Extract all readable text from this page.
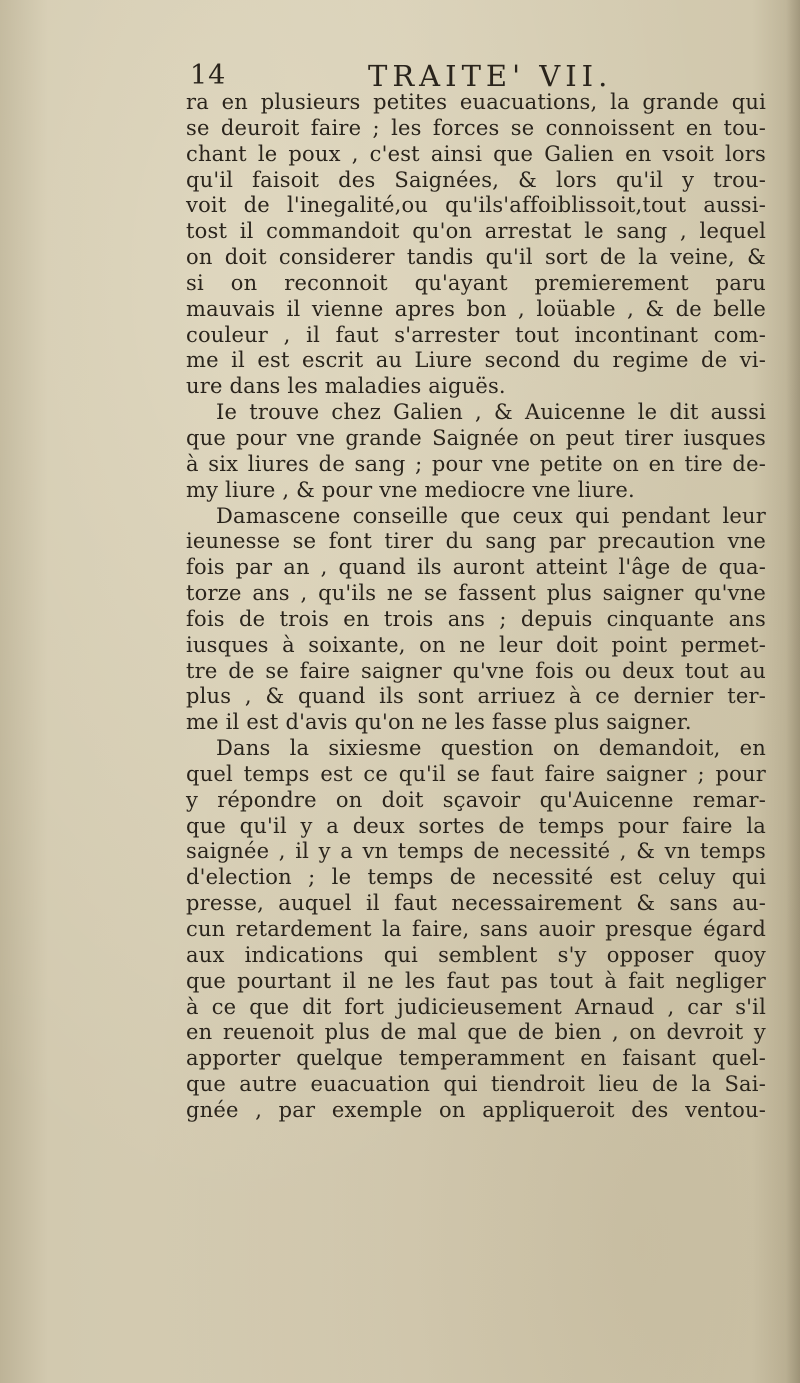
14	TRAITE' VII.
ra en plusieurs petites euacuations, la grande qui
se deuroit faire ; les forces se connoissent en tou-
chant le poux , c'est ainsi que Galien en vsoit lors
qu'il faisoit des Saignées, & lors qu'il y trou-
voit de l'inegalité,ou qu'ils'affoiblissoit,tout aussi-
tost il commandoit qu'on arrestat le sang , lequel
on doit considerer tandis qu'il sort de la veine, &
si on reconnoit qu'ayant premierement paru
mauvais il vienne apres bon , loüable , & de belle
couleur , il faut s'arrester tout incontinant com-
me il est escrit au Liure second du regime de vi-
ure dans les maladies aiguës.
Ie trouve chez Galien , & Auicenne le dit aussi
que pour vne grande Saignée on peut tirer iusques
à six liures de sang ; pour vne petite on en tire de-
my liure , & pour vne mediocre vne liure.
Damascene conseille que ceux qui pendant leur
ieunesse se font tirer du sang par precaution vne
fois par an , quand ils auront atteint l'âge de qua-
torze ans , qu'ils ne se fassent plus saigner qu'vne
fois de trois en trois ans ; depuis cinquante ans
iusques à soixante, on ne leur doit point permet-
tre de se faire saigner qu'vne fois ou deux tout au
plus , & quand ils sont arriuez à ce dernier ter-
me il est d'avis qu'on ne les fasse plus saigner.
Dans la sixiesme question on demandoit, en
quel temps est ce qu'il se faut faire saigner ; pour
y répondre on doit sçavoir qu'Auicenne remar-
que qu'il y a deux sortes de temps pour faire la
saignée , il y a vn temps de necessité , & vn temps
d'election ; le temps de necessité est celuy qui
presse, auquel il faut necessairement & sans au-
cun retardement la faire, sans auoir presque égard
aux indications qui semblent s'y opposer quoy
que pourtant il ne les faut pas tout à fait negliger
à ce que dit fort judicieusement Arnaud , car s'il
en reuenoit plus de mal que de bien , on devroit y
apporter quelque temperamment en faisant quel-
que autre euacuation qui tiendroit lieu de la Sai-
gnée , par exemple on appliqueroit des ventou-
